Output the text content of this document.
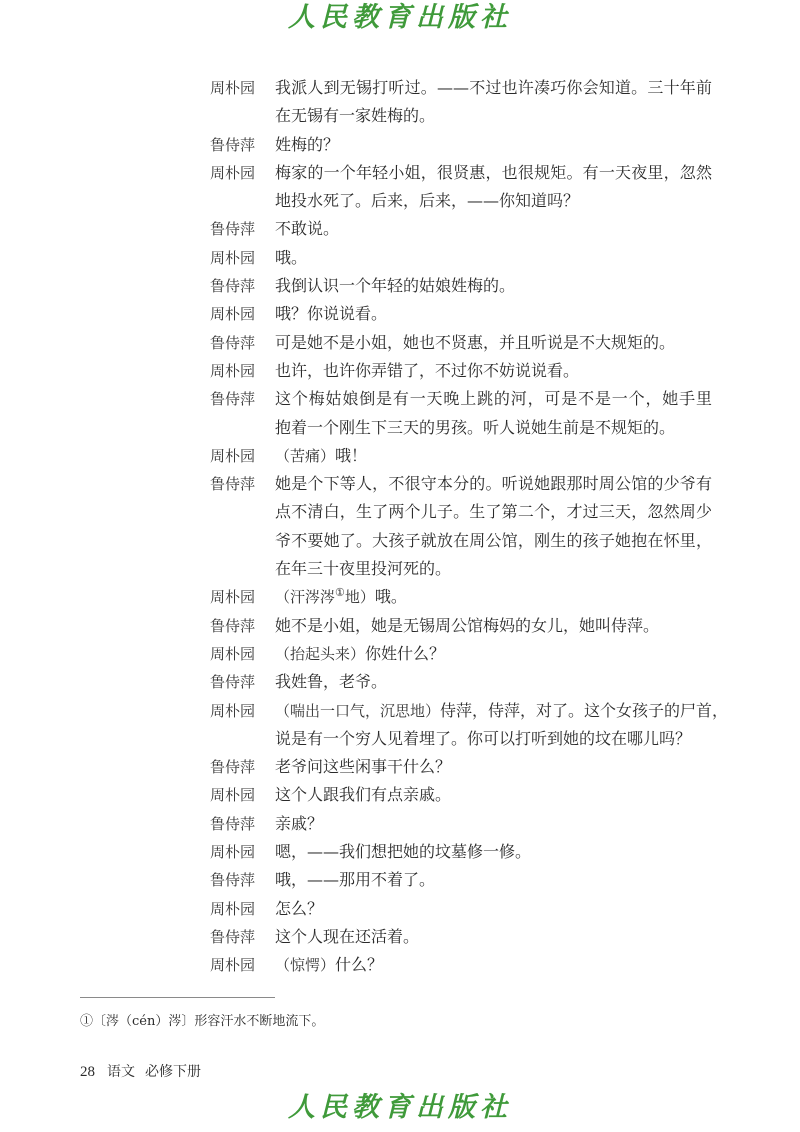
人民教育出版社
周朴园	我派人到无锡打听过。——不过也许凑巧你会知道。三十年前
在无锡有一家姓梅的。
鲁侍萍	姓梅的？
周朴园	梅家的一个年轻小姐，很贤惠，也很规矩。有一天夜里，忽然
地投水死了。后来，后来，——你知道吗？
鲁侍萍	不敢说。
周朴园	哦。
鲁侍萍	我倒认识一个年轻的姑娘姓梅的。
周朴园	哦？你说说看。
鲁侍萍	可是她不是小姐，她也不贤惠，并且听说是不大规矩的。
周朴园	也许，也许你弄错了，不过你不妨说说看。
鲁侍萍	这个梅姑娘倒是有一天晚上跳的河，可是不是一个，她手里
抱着一个刚生下三天的男孩。听人说她生前是不规矩的。
周朴园	（苦痛）哦！
鲁侍萍	她是个下等人，不很守本分的。听说她跟那时周公馆的少爷有
点不清白，生了两个儿子。生了第二个，才过三天，忽然周少
爷不要她了。大孩子就放在周公馆，刚生的孩子她抱在怀里，
在年三十夜里投河死的。
周朴园	（汗涔涔①地）哦。
鲁侍萍	她不是小姐，她是无锡周公馆梅妈的女儿，她叫侍萍。
周朴园	（抬起头来）你姓什么？
鲁侍萍	我姓鲁，老爷。
周朴园	（喘出一口气，沉思地）侍萍，侍萍，对了。这个女孩子的尸首，
说是有一个穷人见着埋了。你可以打听到她的坟在哪儿吗？
鲁侍萍	老爷问这些闲事干什么？
周朴园	这个人跟我们有点亲戚。
鲁侍萍	亲戚？
周朴园	嗯，——我们想把她的坟墓修一修。
鲁侍萍	哦，——那用不着了。
周朴园	怎么？
鲁侍萍	这个人现在还活着。
周朴园	（惊愕）什么？
①〔涔（cén）涔〕形容汗水不断地流下。
28 语文 必修下册
人民教育出版社
